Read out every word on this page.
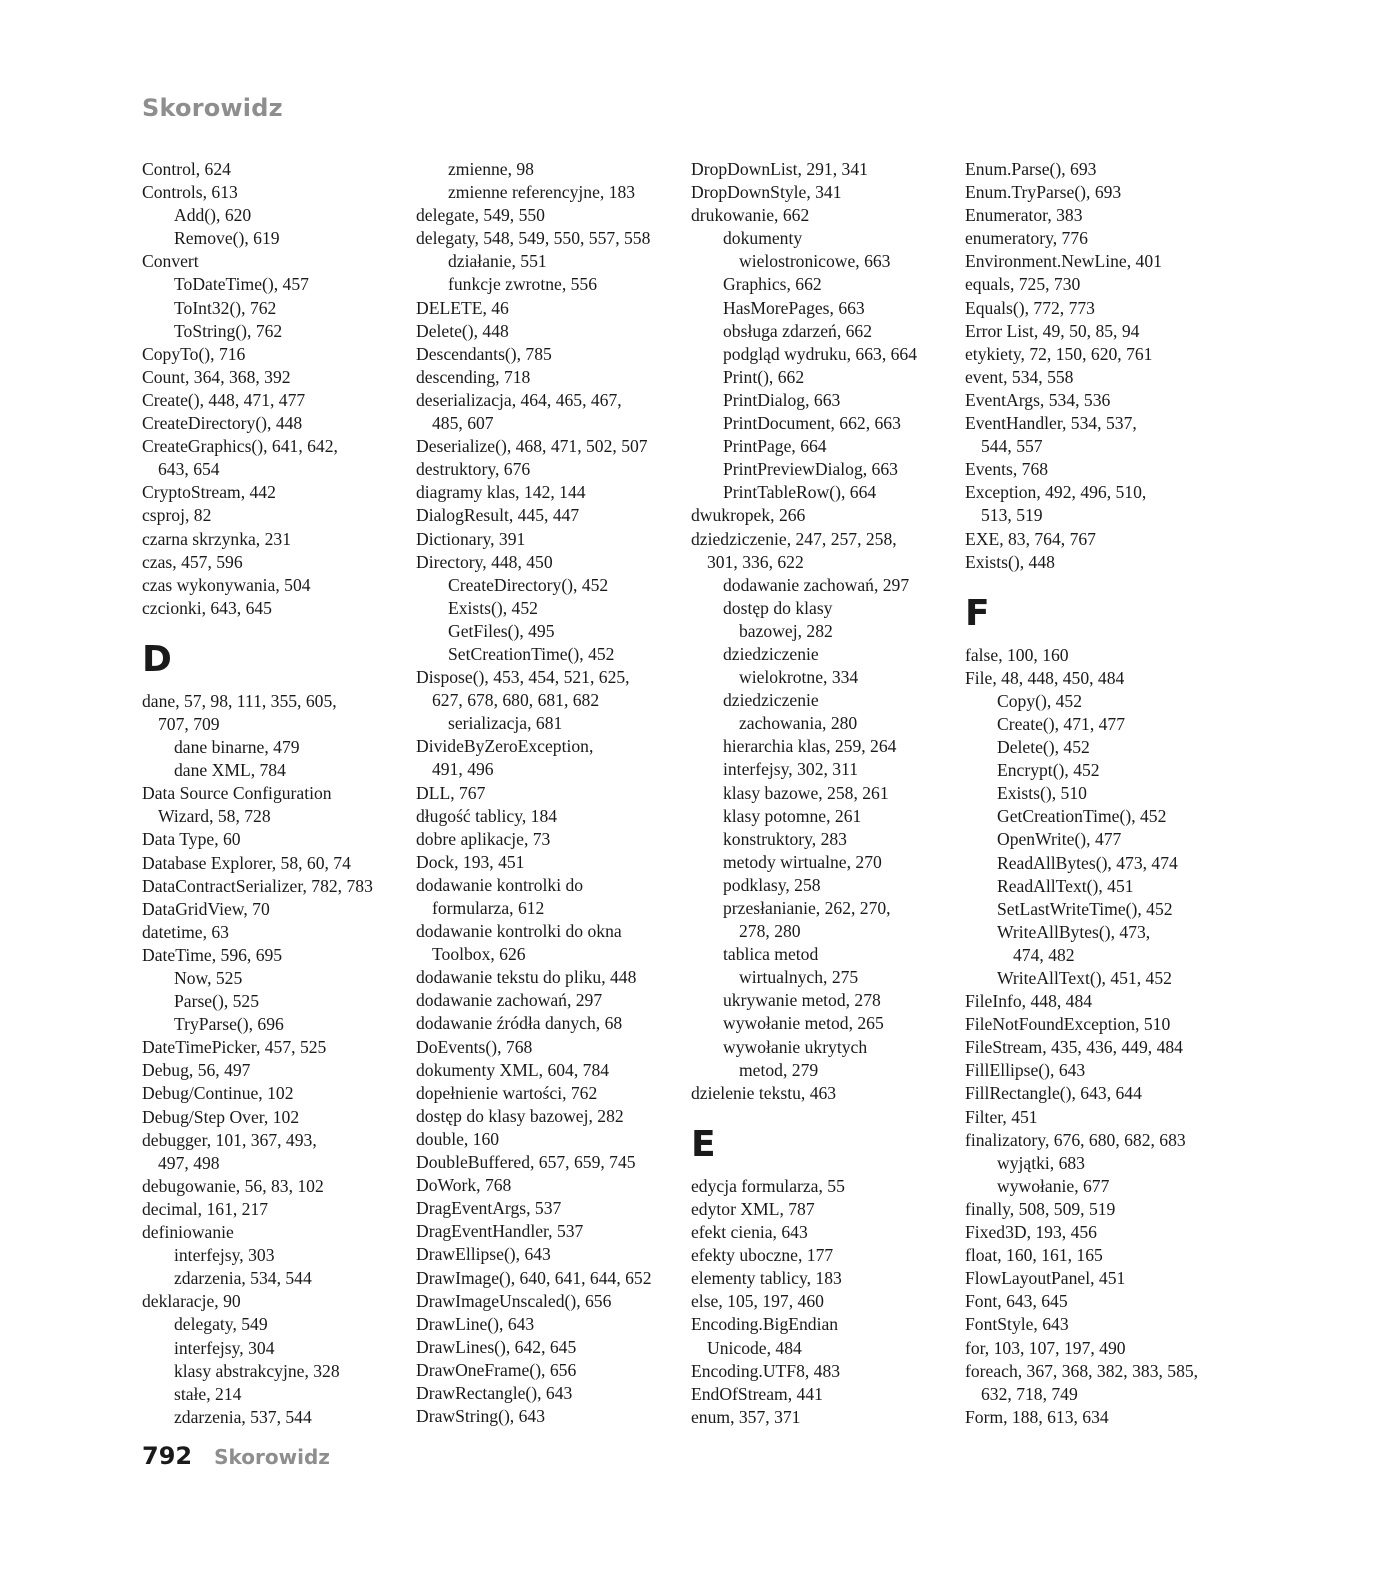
Skorowidz
Control, 624
Controls, 613
Add(), 620
Remove(), 619
Convert
ToDateTime(), 457
ToInt32(), 762
ToString(), 762
CopyTo(), 716
Count, 364, 368, 392
Create(), 448, 471, 477
CreateDirectory(), 448
CreateGraphics(), 641, 642,
643, 654
CryptoStream, 442
csproj, 82
czarna skrzynka, 231
czas, 457, 596
czas wykonywania, 504
czcionki, 643, 645
D
dane, 57, 98, 111, 355, 605,
707, 709
dane binarne, 479
dane XML, 784
Data Source Configuration
Wizard, 58, 728
Data Type, 60
Database Explorer, 58, 60, 74
DataContractSerializer, 782, 783
DataGridView, 70
datetime, 63
DateTime, 596, 695
Now, 525
Parse(), 525
TryParse(), 696
DateTimePicker, 457, 525
Debug, 56, 497
Debug/Continue, 102
Debug/Step Over, 102
debugger, 101, 367, 493,
497, 498
debugowanie, 56, 83, 102
decimal, 161, 217
definiowanie
interfejsy, 303
zdarzenia, 534, 544
deklaracje, 90
delegaty, 549
interfejsy, 304
klasy abstrakcyjne, 328
stałe, 214
zdarzenia, 537, 544
zmienne, 98
zmienne referencyjne, 183
delegate, 549, 550
delegaty, 548, 549, 550, 557, 558
działanie, 551
funkcje zwrotne, 556
DELETE, 46
Delete(), 448
Descendants(), 785
descending, 718
deserializacja, 464, 465, 467,
485, 607
Deserialize(), 468, 471, 502, 507
destruktory, 676
diagramy klas, 142, 144
DialogResult, 445, 447
Dictionary, 391
Directory, 448, 450
CreateDirectory(), 452
Exists(), 452
GetFiles(), 495
SetCreationTime(), 452
Dispose(), 453, 454, 521, 625,
627, 678, 680, 681, 682
serializacja, 681
DivideByZeroException,
491, 496
DLL, 767
długość tablicy, 184
dobre aplikacje, 73
Dock, 193, 451
dodawanie kontrolki do
formularza, 612
dodawanie kontrolki do okna
Toolbox, 626
dodawanie tekstu do pliku, 448
dodawanie zachowań, 297
dodawanie źródła danych, 68
DoEvents(), 768
dokumenty XML, 604, 784
dopełnienie wartości, 762
dostęp do klasy bazowej, 282
double, 160
DoubleBuffered, 657, 659, 745
DoWork, 768
DragEventArgs, 537
DragEventHandler, 537
DrawEllipse(), 643
DrawImage(), 640, 641, 644, 652
DrawImageUnscaled(), 656
DrawLine(), 643
DrawLines(), 642, 645
DrawOneFrame(), 656
DrawRectangle(), 643
DrawString(), 643
DropDownList, 291, 341
DropDownStyle, 341
drukowanie, 662
dokumenty
wielostronicowe, 663
Graphics, 662
HasMorePages, 663
obsługa zdarzeń, 662
podgląd wydruku, 663, 664
Print(), 662
PrintDialog, 663
PrintDocument, 662, 663
PrintPage, 664
PrintPreviewDialog, 663
PrintTableRow(), 664
dwukropek, 266
dziedziczenie, 247, 257, 258,
301, 336, 622
dodawanie zachowań, 297
dostęp do klasy
bazowej, 282
dziedziczenie
wielokrotne, 334
dziedziczenie
zachowania, 280
hierarchia klas, 259, 264
interfejsy, 302, 311
klasy bazowe, 258, 261
klasy potomne, 261
konstruktory, 283
metody wirtualne, 270
podklasy, 258
przesłanianie, 262, 270,
278, 280
tablica metod
wirtualnych, 275
ukrywanie metod, 278
wywołanie metod, 265
wywołanie ukrytych
metod, 279
dzielenie tekstu, 463
E
edycja formularza, 55
edytor XML, 787
efekt cienia, 643
efekty uboczne, 177
elementy tablicy, 183
else, 105, 197, 460
Encoding.BigEndian
Unicode, 484
Encoding.UTF8, 483
EndOfStream, 441
enum, 357, 371
Enum.Parse(), 693
Enum.TryParse(), 693
Enumerator, 383
enumeratory, 776
Environment.NewLine, 401
equals, 725, 730
Equals(), 772, 773
Error List, 49, 50, 85, 94
etykiety, 72, 150, 620, 761
event, 534, 558
EventArgs, 534, 536
EventHandler, 534, 537,
544, 557
Events, 768
Exception, 492, 496, 510,
513, 519
EXE, 83, 764, 767
Exists(), 448
F
false, 100, 160
File, 48, 448, 450, 484
Copy(), 452
Create(), 471, 477
Delete(), 452
Encrypt(), 452
Exists(), 510
GetCreationTime(), 452
OpenWrite(), 477
ReadAllBytes(), 473, 474
ReadAllText(), 451
SetLastWriteTime(), 452
WriteAllBytes(), 473,
474, 482
WriteAllText(), 451, 452
FileInfo, 448, 484
FileNotFoundException, 510
FileStream, 435, 436, 449, 484
FillEllipse(), 643
FillRectangle(), 643, 644
Filter, 451
finalizatory, 676, 680, 682, 683
wyjątki, 683
wywołanie, 677
finally, 508, 509, 519
Fixed3D, 193, 456
float, 160, 161, 165
FlowLayoutPanel, 451
Font, 643, 645
FontStyle, 643
for, 103, 107, 197, 490
foreach, 367, 368, 382, 383, 585,
632, 718, 749
Form, 188, 613, 634
792 Skorowidz
